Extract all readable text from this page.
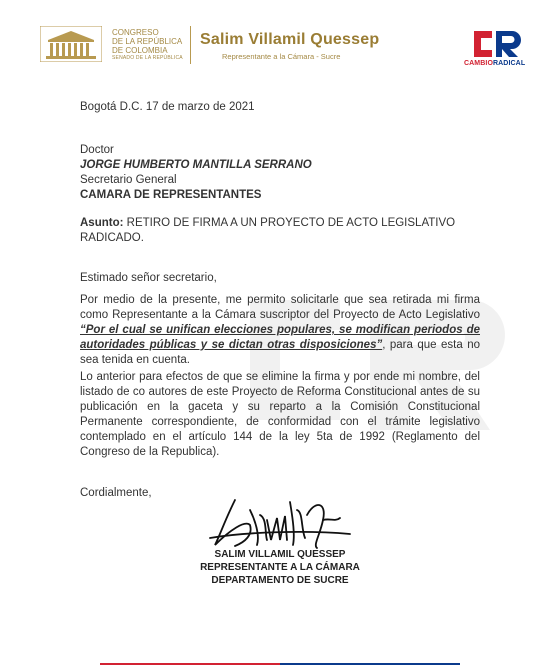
CONGRESO
DE LA REPÚBLICA
DE COLOMBIA
SENADO DE LA REPÚBLICA
Salim Villamil Quessep
Representante a la Cámara - Sucre
CAMBIORADICAL
Bogotá D.C. 17 de marzo de 2021
Doctor
JORGE HUMBERTO MANTILLA SERRANO
Secretario General
CAMARA DE REPRESENTANTES
Asunto: RETIRO DE FIRMA A UN PROYECTO DE ACTO LEGISLATIVO RADICADO.
Estimado señor secretario,
Por medio de la presente, me permito solicitarle que sea retirada mi firma como Representante a la Cámara suscriptor del Proyecto de Acto Legislativo “Por el cual se unifican elecciones populares, se modifican periodos de autoridades públicas y se dictan otras disposiciones”, para que esta no sea tenida en cuenta.
Lo anterior para efectos de que se elimine la firma y por ende mi nombre, del listado de co autores de este Proyecto de Reforma Constitucional antes de su publicación en la gaceta y su reparto a la Comisión Constitucional Permanente correspondiente, de conformidad con el trámite legislativo contemplado en el artículo 144 de la ley 5ta de 1992 (Reglamento del Congreso de la Republica).
Cordialmente,
SALIM VILLAMIL QUESSEP
REPRESENTANTE A LA CÁMARA
DEPARTAMENTO DE SUCRE
